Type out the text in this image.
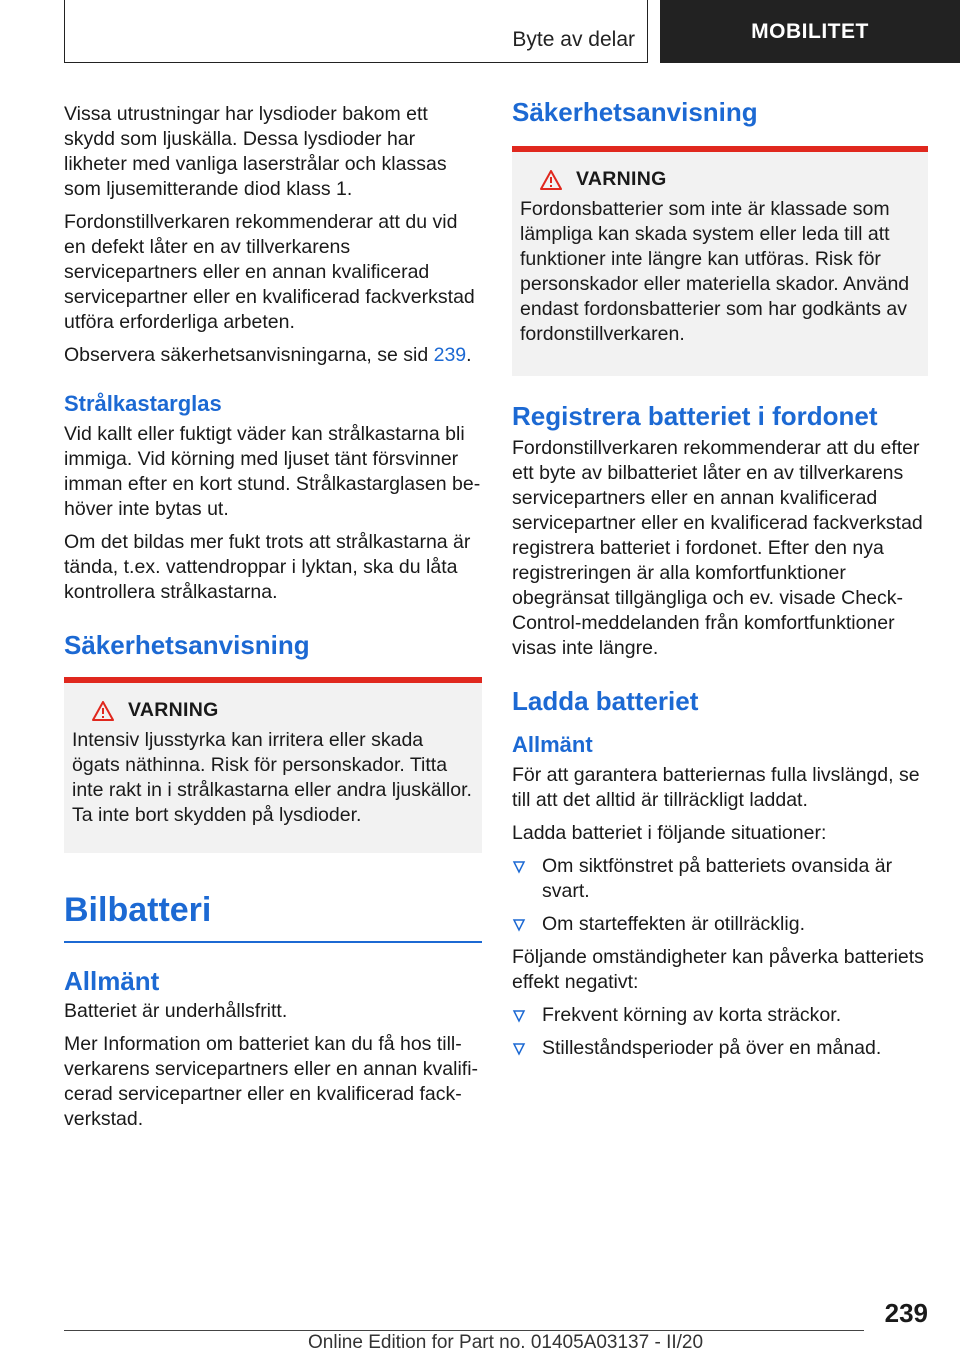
Byte av delar	MOBILITET

Vissa utrustningar har lysdioder bakom ett skydd som ljuskälla. Dessa lysdioder har likheter med vanliga laserstrålar och klassas som ljusemitterande diod klass 1.

Fordonstillverkaren rekommenderar att du vid en defekt låter en av tillverkarens servicepartners eller en annan kvalificerad servicepartner eller en kvalificerad fackverkstad utföra erforderliga arbeten.

Observera säkerhetsanvisningarna, se sid 239.

Strålkastarglas

Vid kallt eller fuktigt väder kan strålkastarna bli immiga. Vid körning med ljuset tänt försvinner imman efter en kort stund. Strålkastarglasen behöver inte bytas ut.

Om det bildas mer fukt trots att strålkastarna är tända, t.ex. vattendroppar i lyktan, ska du låta kontrollera strålkastarna.

Säkerhetsanvisning
VARNING

Intensiv ljusstyrka kan irritera eller skada ögats näthinna. Risk för personskador. Titta inte rakt in i strålkastarna eller andra ljuskällor. Ta inte bort skydden på lysdioder.

Bilbatteri
Allmänt

Batteriet är underhållsfritt.

Mer Information om batteriet kan du få hos tillverkarens servicepartners eller en annan kvalificerad servicepartner eller en kvalificerad fackverkstad.

Säkerhetsanvisning
VARNING

Fordonsbatterier som inte är klassade som lämpliga kan skada system eller leda till att funktioner inte längre kan utföras. Risk för personskador eller materiella skador. Använd endast fordonsbatterier som har godkänts av fordonstillverkaren.

Registrera batteriet i fordonet

Fordonstillverkaren rekommenderar att du efter ett byte av bilbatteriet låter en av tillverkarens servicepartners eller en annan kvalificerad servicepartner eller en kvalificerad fackverkstad registrera batteriet i fordonet. Efter den nya registreringen är alla komfortfunktioner obegränsat tillgängliga och ev. visade Check-Control-meddelanden från komfortfunktioner visas inte längre.

Ladda batteriet
Allmänt

För att garantera batteriernas fulla livslängd, se till att det alltid är tillräckligt laddat.

Ladda batteriet i följande situationer:

Om siktfönstret på batteriets ovansida är svart.
Om starteffekten är otillräcklig.

Följande omständigheter kan påverka batteriets effekt negativt:

Frekvent körning av korta sträckor.
Stilleståndsperioder på över en månad.
239
Online Edition for Part no. 01405A03137 - II/20
